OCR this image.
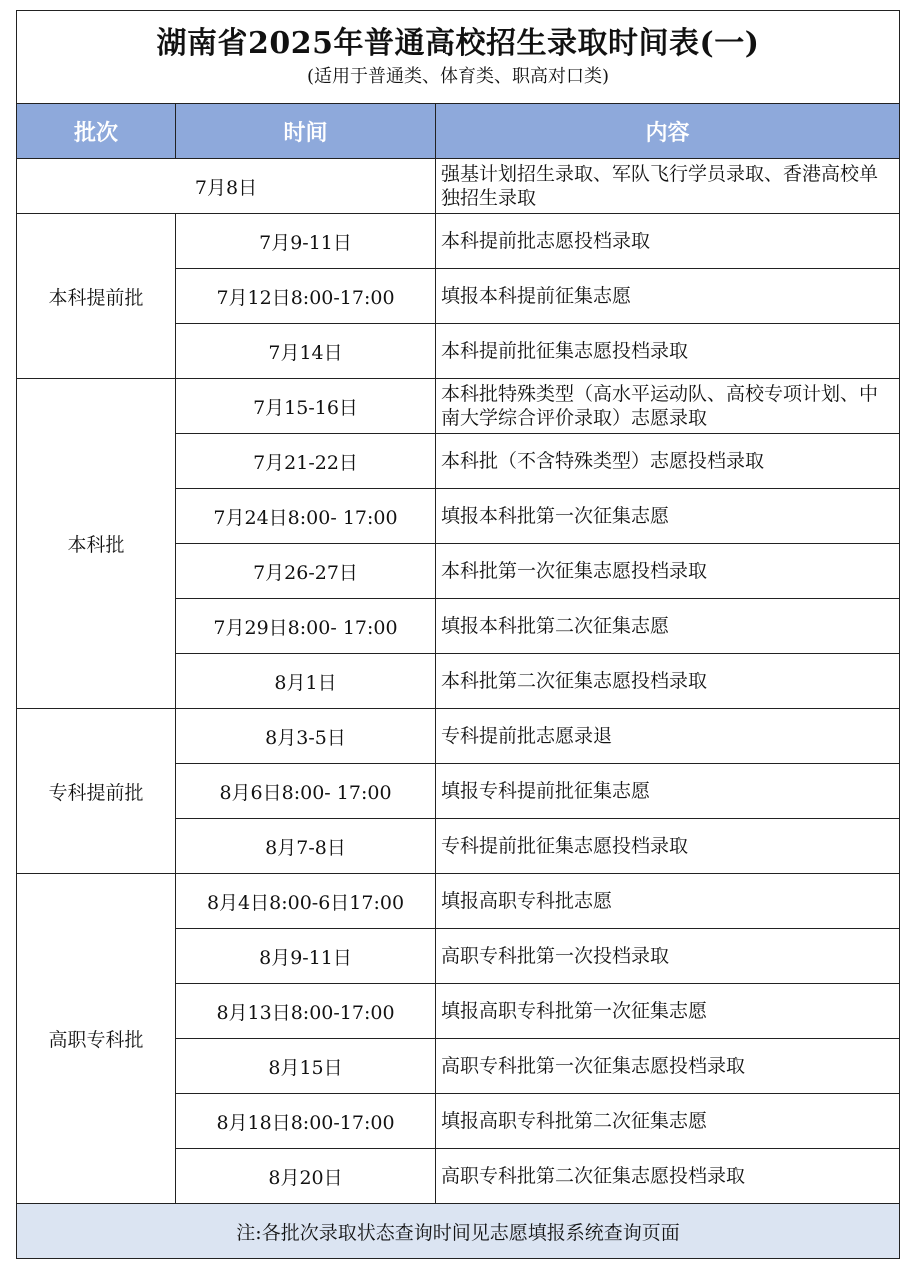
湖南省2025年普通高校招生录取时间表(一)
(适用于普通类、体育类、职高对口类)		

批次	时间	内容
7月8日		强基计划招生录取、军队飞行学员录取、香港高校单独招生录取
本科提前批	7月9-11日	本科提前批志愿投档录取
	7月12日8:00-17:00	填报本科提前征集志愿
	7月14日	本科提前批征集志愿投档录取
本科批	7月15-16日	本科批特殊类型（高水平运动队、高校专项计划、中南大学综合评价录取）志愿录取
	7月21-22日	本科批（不含特殊类型）志愿投档录取
	7月24日8:00- 17:00	填报本科批第一次征集志愿
	7月26-27日	本科批第一次征集志愿投档录取
	7月29日8:00- 17:00	填报本科批第二次征集志愿
	8月1日	本科批第二次征集志愿投档录取
专科提前批	8月3-5日	专科提前批志愿录退
	8月6日8:00- 17:00	填报专科提前批征集志愿
	8月7-8日	专科提前批征集志愿投档录取
高职专科批	8月4日8:00-6日17:00	填报高职专科批志愿
	8月9-11日	高职专科批第一次投档录取
	8月13日8:00-17:00	填报高职专科批第一次征集志愿
	8月15日	高职专科批第一次征集志愿投档录取
	8月18日8:00-17:00	填报高职专科批第二次征集志愿
	8月20日	高职专科批第二次征集志愿投档录取
注:各批次录取状态查询时间见志愿填报系统查询页面		
